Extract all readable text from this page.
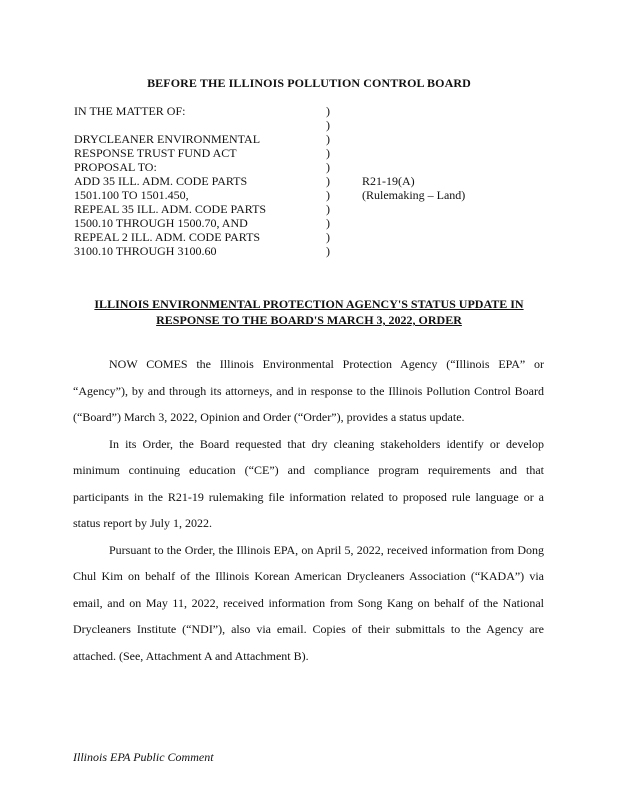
BEFORE THE ILLINOIS POLLUTION CONTROL BOARD
IN THE MATTER OF:
DRYCLEANER ENVIRONMENTAL
RESPONSE TRUST FUND ACT
PROPOSAL TO:
ADD 35 ILL. ADM. CODE PARTS
1501.100 TO 1501.450,
REPEAL 35 ILL. ADM. CODE PARTS
1500.10 THROUGH 1500.70, AND
REPEAL 2 ILL. ADM. CODE PARTS
3100.10 THROUGH 3100.60
)
)
)
)
)
)
)
)
)
)
)
R21-19(A)
(Rulemaking – Land)
ILLINOIS ENVIRONMENTAL PROTECTION AGENCY'S STATUS UPDATE IN
RESPONSE TO THE BOARD'S MARCH 3, 2022, ORDER

NOW COMES the Illinois Environmental Protection Agency (“Illinois EPA” or “Agency”), by and through its attorneys, and in response to the Illinois Pollution Control Board (“Board”) March 3, 2022, Opinion and Order (“Order”), provides a status update.

In its Order, the Board requested that dry cleaning stakeholders identify or develop minimum continuing education (“CE”) and compliance program requirements and that participants in the R21-19 rulemaking file information related to proposed rule language or a status report by July 1, 2022.

Pursuant to the Order, the Illinois EPA, on April 5, 2022, received information from Dong Chul Kim on behalf of the Illinois Korean American Drycleaners Association (“KADA”) via email, and on May 11, 2022, received information from Song Kang on behalf of the National Drycleaners Institute (“NDI”), also via email. Copies of their submittals to the Agency are attached. (See, Attachment A and Attachment B).

Illinois EPA Public Comment
